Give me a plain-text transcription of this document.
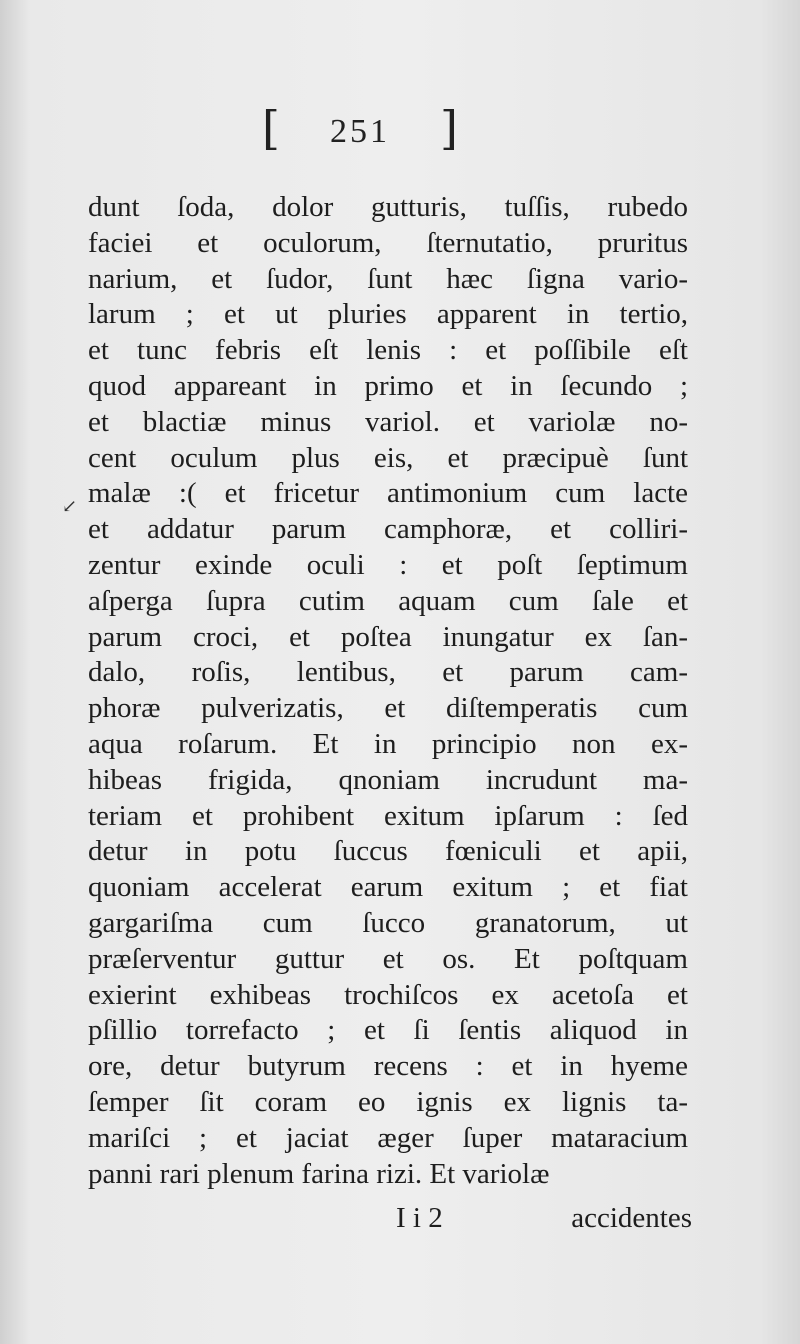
[ 251 ]
↙
dunt ſoda, dolor gutturis, tuſſis, rubedo
faciei et oculorum, ſternutatio, pruritus
narium, et ſudor, ſunt hæc ſigna vario-
larum ; et ut pluries apparent in tertio,
et tunc febris eſt lenis : et poſſibile eſt
quod appareant in primo et in ſecundo ;
et blactiæ minus variol. et variolæ no-
cent oculum plus eis, et præcipuè ſunt
malæ :( et fricetur antimonium cum lacte
et addatur parum camphoræ, et colliri-
zentur exinde oculi : et poſt ſeptimum
aſperga ſupra cutim aquam cum ſale et
parum croci, et poſtea inungatur ex ſan-
dalo, roſis, lentibus, et parum cam-
phoræ pulverizatis, et diſtemperatis cum
aqua roſarum. Et in principio non ex-
hibeas frigida, qnoniam incrudunt ma-
teriam et prohibent exitum ipſarum : ſed
detur in potu ſuccus fœniculi et apii,
quoniam accelerat earum exitum ; et fiat
gargariſma cum ſucco granatorum, ut
præſerventur guttur et os. Et poſtquam
exierint exhibeas trochiſcos ex acetoſa et
pſillio torrefacto ; et ſi ſentis aliquod in
ore, detur butyrum recens : et in hyeme
ſemper ſit coram eo ignis ex lignis ta-
mariſci ; et jaciat æger ſuper mataracium
panni rari plenum farina rizi. Et variolæ
I i 2	accidentes
